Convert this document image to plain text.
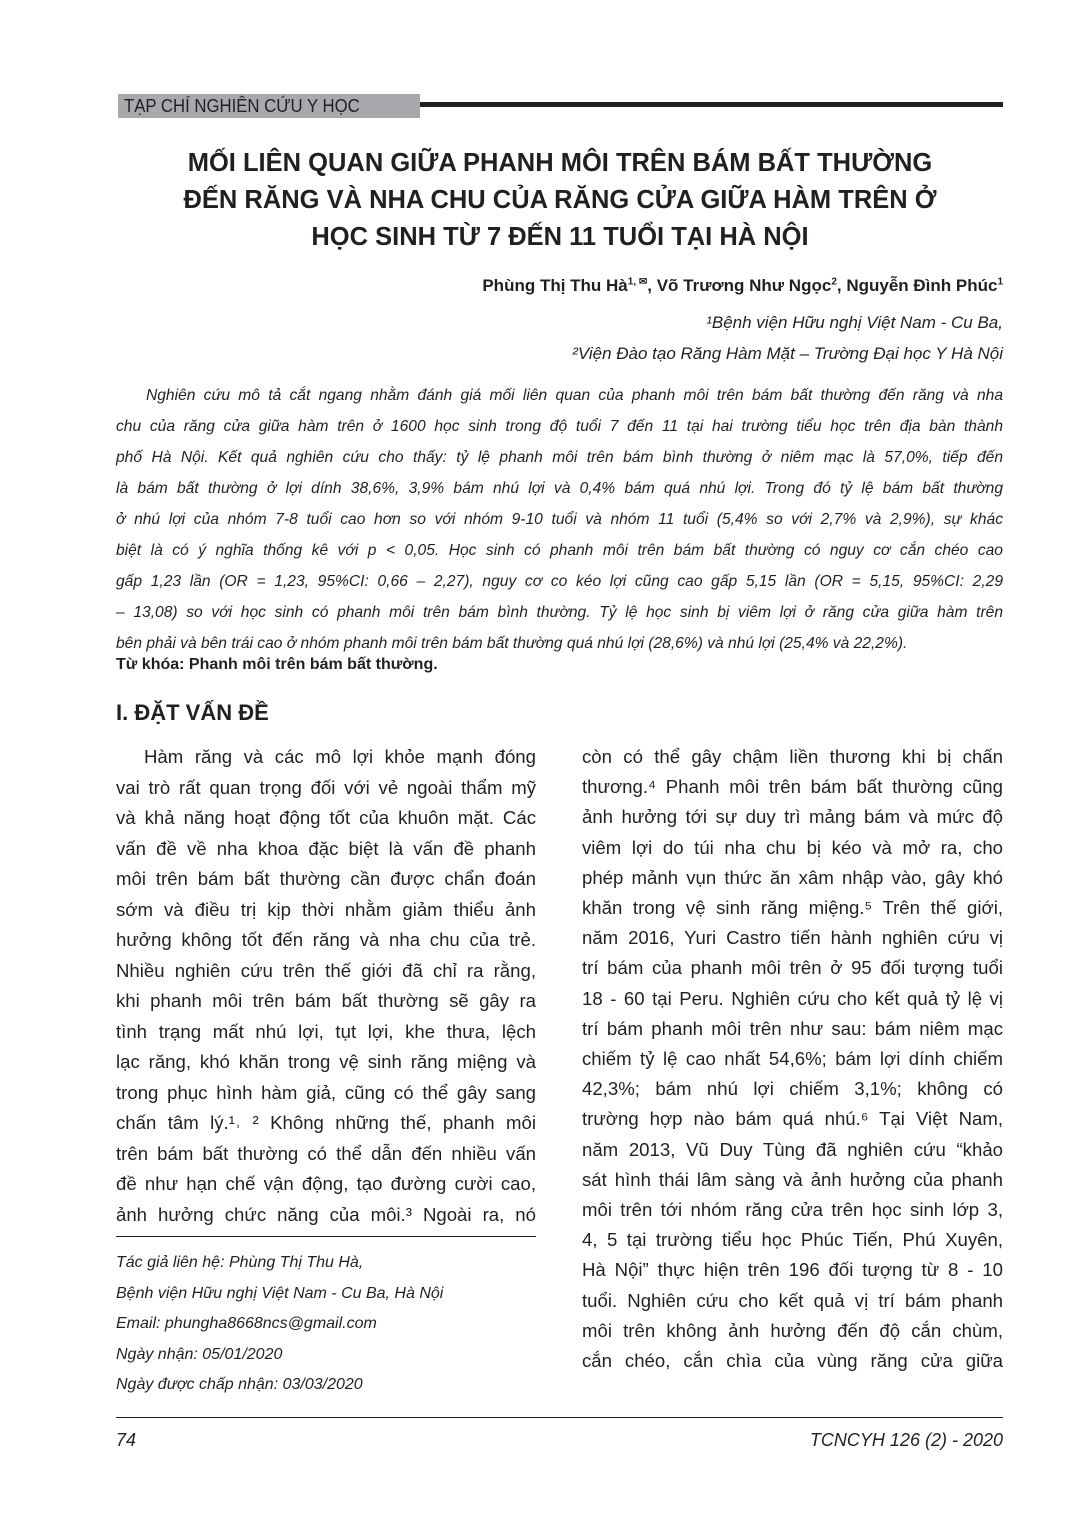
TẠP CHÍ NGHIÊN CỨU Y HỌC
MỐI LIÊN QUAN GIỮA PHANH MÔI TRÊN BÁM BẤT THƯỜNG
ĐẾN RĂNG VÀ NHA CHU CỦA RĂNG CỬA GIỮA HÀM TRÊN Ở
HỌC SINH TỪ 7 ĐẾN 11 TUỔI TẠI HÀ NỘI
Phùng Thị Thu $Hà^{1, ✉}$, Võ Trương Như Ngọc$^2$, Nguyễn Đình Phúc$^1$
¹Bệnh viện Hữu nghị Việt Nam - Cu Ba,
²Viện Đào tạo Răng Hàm Mặt – Trường Đại học Y Hà Nội
Nghiên cứu mô tả cắt ngang nhằm đánh giá mối liên quan của phanh môi trên bám bất thường đến răng và nha
chu của răng cửa giữa hàm trên ở 1600 học sinh trong độ tuổi 7 đến 11 tại hai trường tiểu học trên địa bàn thành
phố Hà Nội. Kết quả nghiên cứu cho thấy: tỷ lệ phanh môi trên bám bình thường ở niêm mạc là 57,0%, tiếp đến
là bám bất thường ở lợi dính 38,6%, 3,9% bám nhú lợi và 0,4% bám quá nhú lợi. Trong đó tỷ lệ bám bất thường
ở nhú lợi của nhóm 7-8 tuổi cao hơn so với nhóm 9-10 tuổi và nhóm 11 tuổi (5,4% so với 2,7% và 2,9%), sự khác
biệt là có ý nghĩa thống kê với p < 0,05. Học sinh có phanh môi trên bám bất thường có nguy cơ cắn chéo cao
gấp 1,23 lần (OR = 1,23, 95%CI: 0,66 – 2,27), nguy cơ co kéo lợi cũng cao gấp 5,15 lần (OR = 5,15, 95%CI: 2,29
– 13,08) so với học sinh có phanh môi trên bám bình thường. Tỷ lệ học sinh bị viêm lợi ở răng cửa giữa hàm trên
bên phải và bên trái cao ở nhóm phanh môi trên bám bất thường quá nhú lợi (28,6%) và nhú lợi (25,4% và 22,2%).
Từ khóa: Phanh môi trên bám bất thường.
I. ĐẶT VẤN ĐỀ
Hàm răng và các mô lợi khỏe mạnh đóng
vai trò rất quan trọng đối với vẻ ngoài thẩm mỹ
và khả năng hoạt động tốt của khuôn mặt. Các
vấn đề về nha khoa đặc biệt là vấn đề phanh
môi trên bám bất thường cần được chẩn đoán
sớm và điều trị kịp thời nhằm giảm thiểu ảnh
hưởng không tốt đến răng và nha chu của trẻ.
Nhiều nghiên cứu trên thế giới đã chỉ ra rằng,
khi phanh môi trên bám bất thường sẽ gây ra
tình trạng mất nhú lợi, tụt lợi, khe thưa, lệch
lạc răng, khó khăn trong vệ sinh răng miệng và
trong phục hình hàm giả, cũng có thể gây sang
chấn tâm lý.¹˒ ² Không những thế, phanh môi
trên bám bất thường có thể dẫn đến nhiều vấn
đề như hạn chế vận động, tạo đường cười cao,
ảnh hưởng chức năng của môi.³ Ngoài ra, nó
còn có thể gây chậm liền thương khi bị chấn
thương.⁴ Phanh môi trên bám bất thường cũng
ảnh hưởng tới sự duy trì mảng bám và mức độ
viêm lợi do túi nha chu bị kéo và mở ra, cho
phép mảnh vụn thức ăn xâm nhập vào, gây khó
khăn trong vệ sinh răng miệng.⁵ Trên thế giới,
năm 2016, Yuri Castro tiến hành nghiên cứu vị
trí bám của phanh môi trên ở 95 đối tượng tuổi
18 - 60 tại Peru. Nghiên cứu cho kết quả tỷ lệ vị
trí bám phanh môi trên như sau: bám niêm mạc
chiếm tỷ lệ cao nhất 54,6%; bám lợi dính chiếm
42,3%; bám nhú lợi chiếm 3,1%; không có
trường hợp nào bám quá nhú.⁶ Tại Việt Nam,
năm 2013, Vũ Duy Tùng đã nghiên cứu “khảo
sát hình thái lâm sàng và ảnh hưởng của phanh
môi trên tới nhóm răng cửa trên học sinh lớp 3,
4, 5 tại trường tiểu học Phúc Tiến, Phú Xuyên,
Hà Nội” thực hiện trên 196 đối tượng từ 8 - 10
tuổi. Nghiên cứu cho kết quả vị trí bám phanh
môi trên không ảnh hưởng đến độ cắn chùm,
cắn chéo, cắn chìa của vùng răng cửa giữa
Tác giả liên hệ: Phùng Thị Thu Hà,
Bệnh viện Hữu nghị Việt Nam - Cu Ba, Hà Nội
Email: phungha8668ncs@gmail.com
Ngày nhận: 05/01/2020
Ngày được chấp nhận: 03/03/2020
74	TCNCYH 126 (2) - 2020
